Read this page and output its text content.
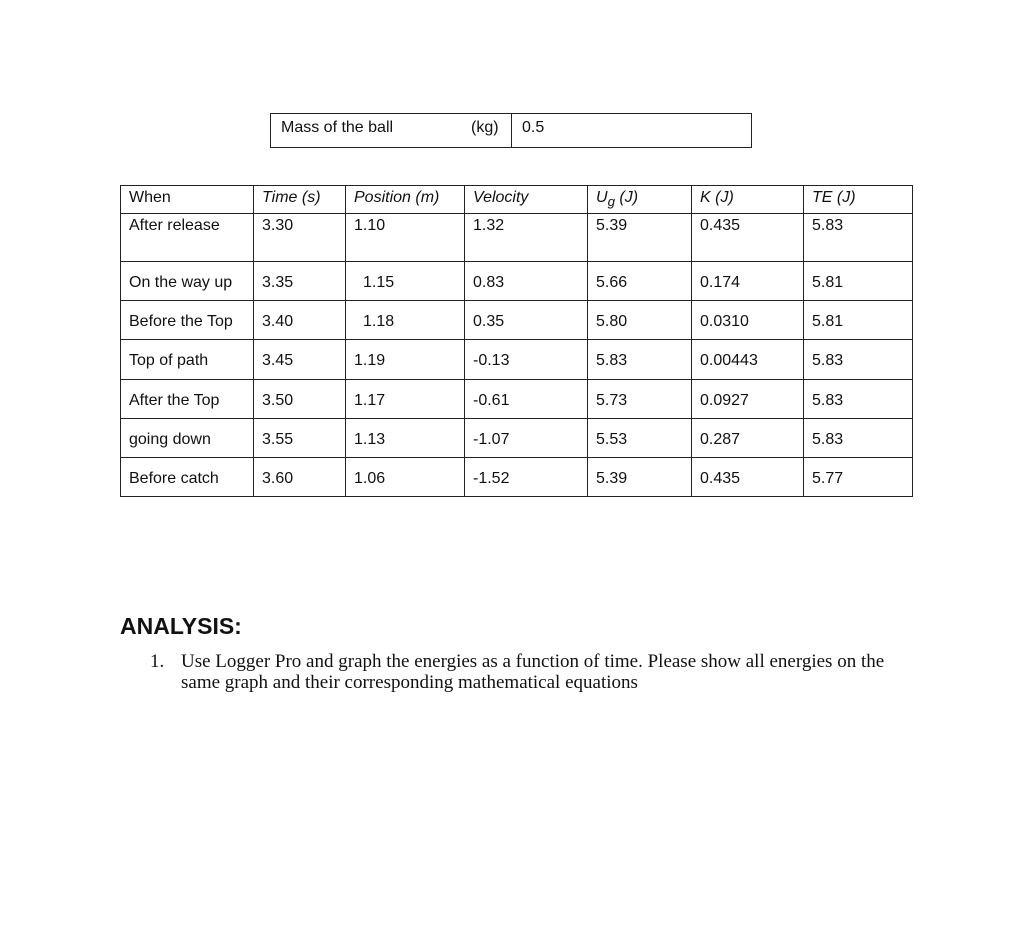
Mass of the ball	(kg)	0.5
When	Time (s)	Position (m)	Velocity	$U_g$ (J)	K (J)	TE (J)
After release	3.30	1.10	1.32	5.39	0.435	5.83
On the way up	3.35	1.15	0.83	5.66	0.174	5.81
Before the Top	3.40	1.18	0.35	5.80	0.0310	5.81
Top of path	3.45	1.19	-0.13	5.83	0.00443	5.83
After the Top	3.50	1.17	-0.61	5.73	0.0927	5.83
going down	3.55	1.13	-1.07	5.53	0.287	5.83
Before catch	3.60	1.06	-1.52	5.39	0.435	5.77
ANALYSIS:
1. Use Logger Pro and graph the energies as a function of time. Please show all energies on the same graph and their corresponding mathematical equations
